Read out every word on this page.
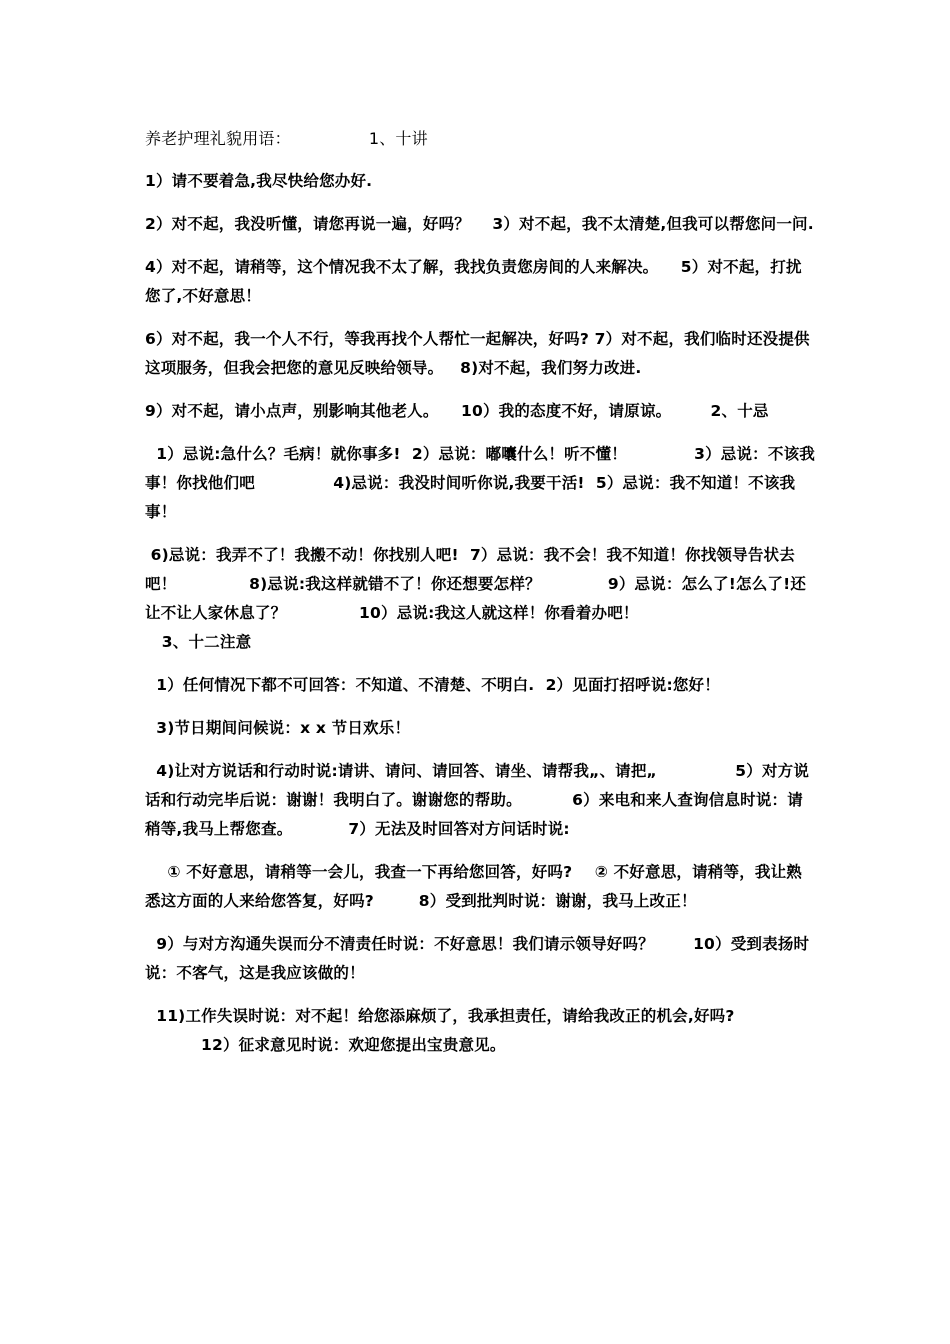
养老护理礼貌用语：	1、十讲
1）请不要着急,我尽快给您办好.
2）对不起，我没听懂，请您再说一遍，好吗？    3）对不起，我不太清楚,但我可以帮您问一问.
4）对不起，请稍等，这个情况我不太了解，我找负责您房间的人来解决。    5）对不起，打扰您了,不好意思！
6）对不起，我一个人不行，等我再找个人帮忙一起解决，好吗? 7）对不起，我们临时还没提供这项服务，但我会把您的意见反映给领导。   8)对不起，我们努力改进.
9）对不起，请小点声，别影响其他老人。    10）我的态度不好，请原谅。       2、十忌
1）忌说:急什么？毛病！就你事多!  2）忌说：嘟囔什么！听不懂！            3）忌说：不该我事！你找他们吧              4)忌说：我没时间听你说,我要干活!  5）忌说：我不知道！不该我事！
6)忌说：我弄不了！我搬不动！你找别人吧!  7）忌说：我不会！我不知道！你找领导告状去吧！             8)忌说:我这样就错不了！你还想要怎样？            9）忌说：怎么了!怎么了!还让不让人家休息了？             10）忌说:我这人就这样！你看着办吧！
3、十二注意
1）任何情况下都不可回答：不知道、不清楚、不明白.  2）见面打招呼说:您好！
3)节日期间问候说：x x 节日欢乐！
4)让对方说话和行动时说:请讲、请问、请回答、请坐、请帮我„、请把„              5）对方说话和行动完毕后说：谢谢！我明白了。谢谢您的帮助。         6）来电和来人查询信息时说：请稍等,我马上帮您查。          7）无法及时回答对方问话时说:
① 不好意思，请稍等一会儿，我查一下再给您回答，好吗?    ② 不好意思，请稍等，我让熟悉这方面的人来给您答复，好吗?        8）受到批判时说：谢谢，我马上改正！
9）与对方沟通失误而分不清责任时说：不好意思！我们请示领导好吗？       10）受到表扬时说：不客气，这是我应该做的！
11)工作失误时说：对不起！给您添麻烦了，我承担责任，请给我改正的机会,好吗?
12）征求意见时说：欢迎您提出宝贵意见。
